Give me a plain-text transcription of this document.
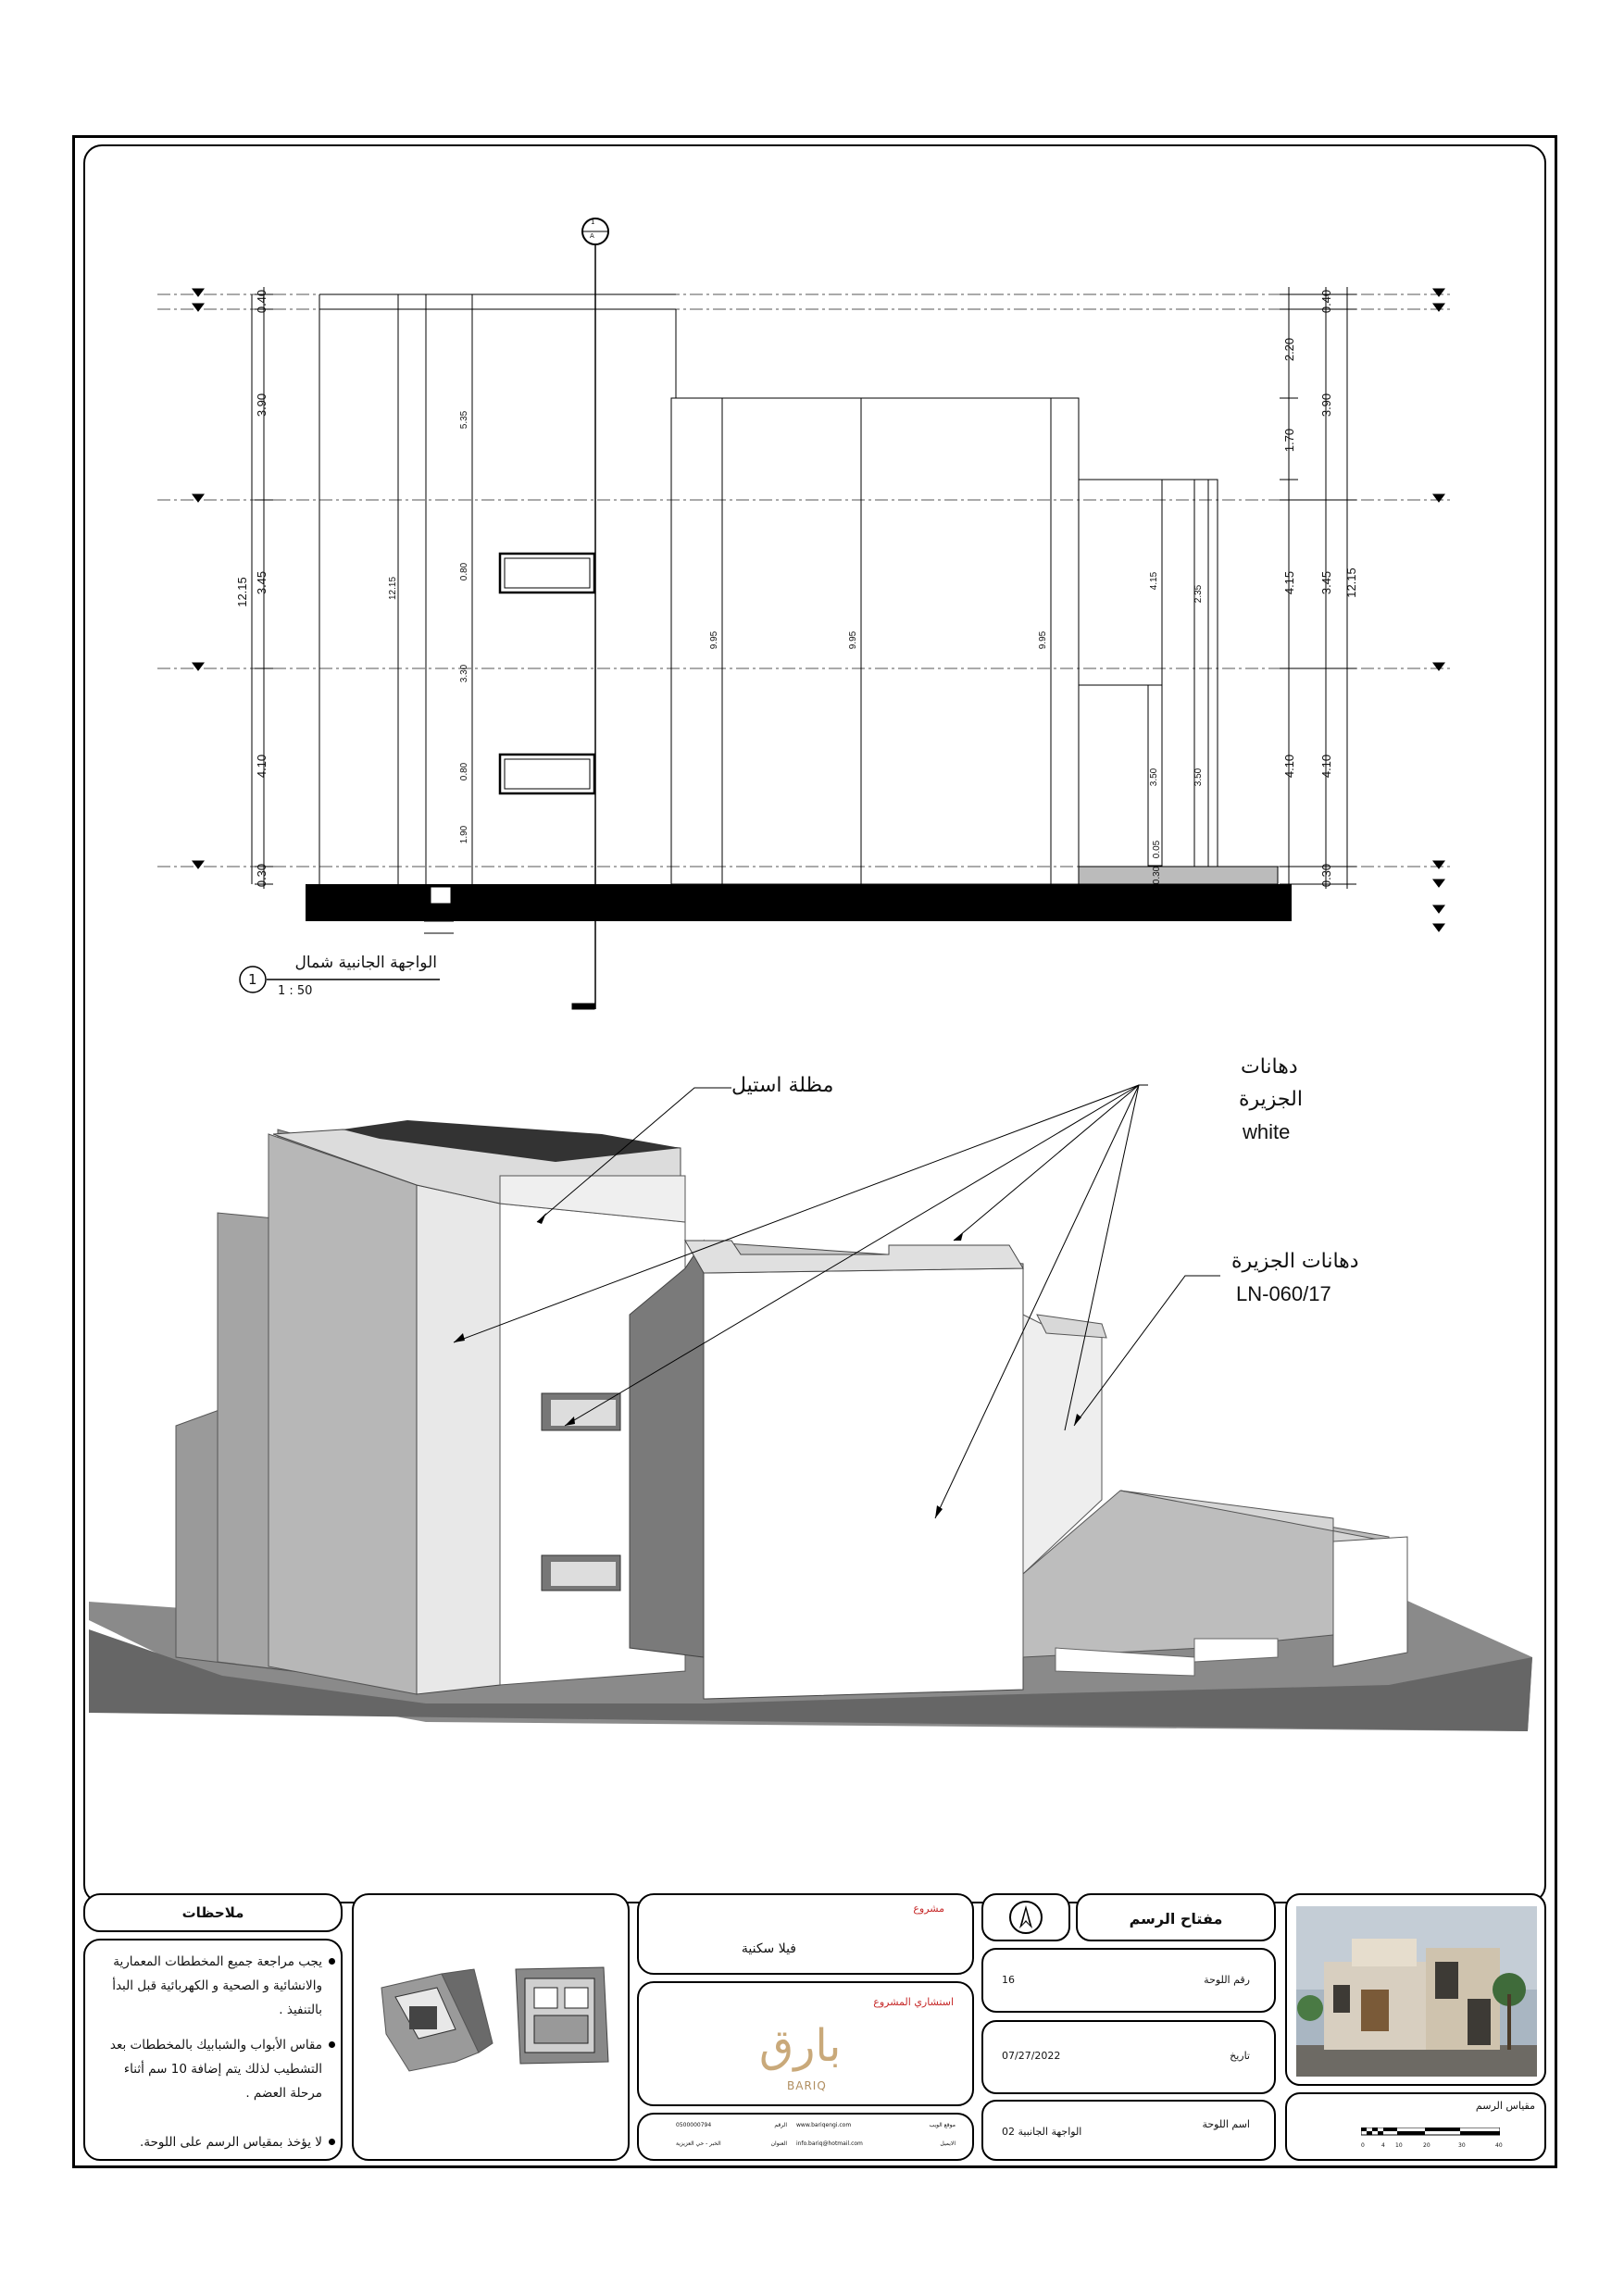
1
A
0.40
3.90
12.15 3.45
4.10
0.30
0.40
2.20
3.90
1.70
4.15 3.45 12.15
4.10 4.10
0.30
12.15
5.35
0.80
3.30
0.80
1.90
9.95	9.95	9.95
4.15
2.35
3.50	3.50
0.05
0.30
1
الواجهة الجانبية شمال
1 : 50
مظلة استيل
دهانات
الجزيرة
white
دهانات الجزيرة
LN-060/17
ملاحظات
يجب مراجعة جميع المخططات المعمارية والانشائية و الصحية و الكهربائية قبل البدأ بالتنفيذ .
مقاس الأبواب والشبابيك بالمخططات بعد التشطيب لذلك يتم إضافة 10 سم أثناء مرحلة العضم .
لا يؤخذ بمقياس الرسم على اللوحة.
مشروع
فيلا سكنية
استشاري المشروع
بارق
BARIQ
موقع الويب
www.bariqengi.com
الرقم
0500000794
الايميل
info.bariq@hotmail.com
العنوان
الخبر - حي العزيزية
مفتاح الرسم
رقم اللوحة
16
تاريخ
07/27/2022
اسم اللوحة
الواجهة الجانبية 02
مقياس الرسم
0	4 10	20	30	40
